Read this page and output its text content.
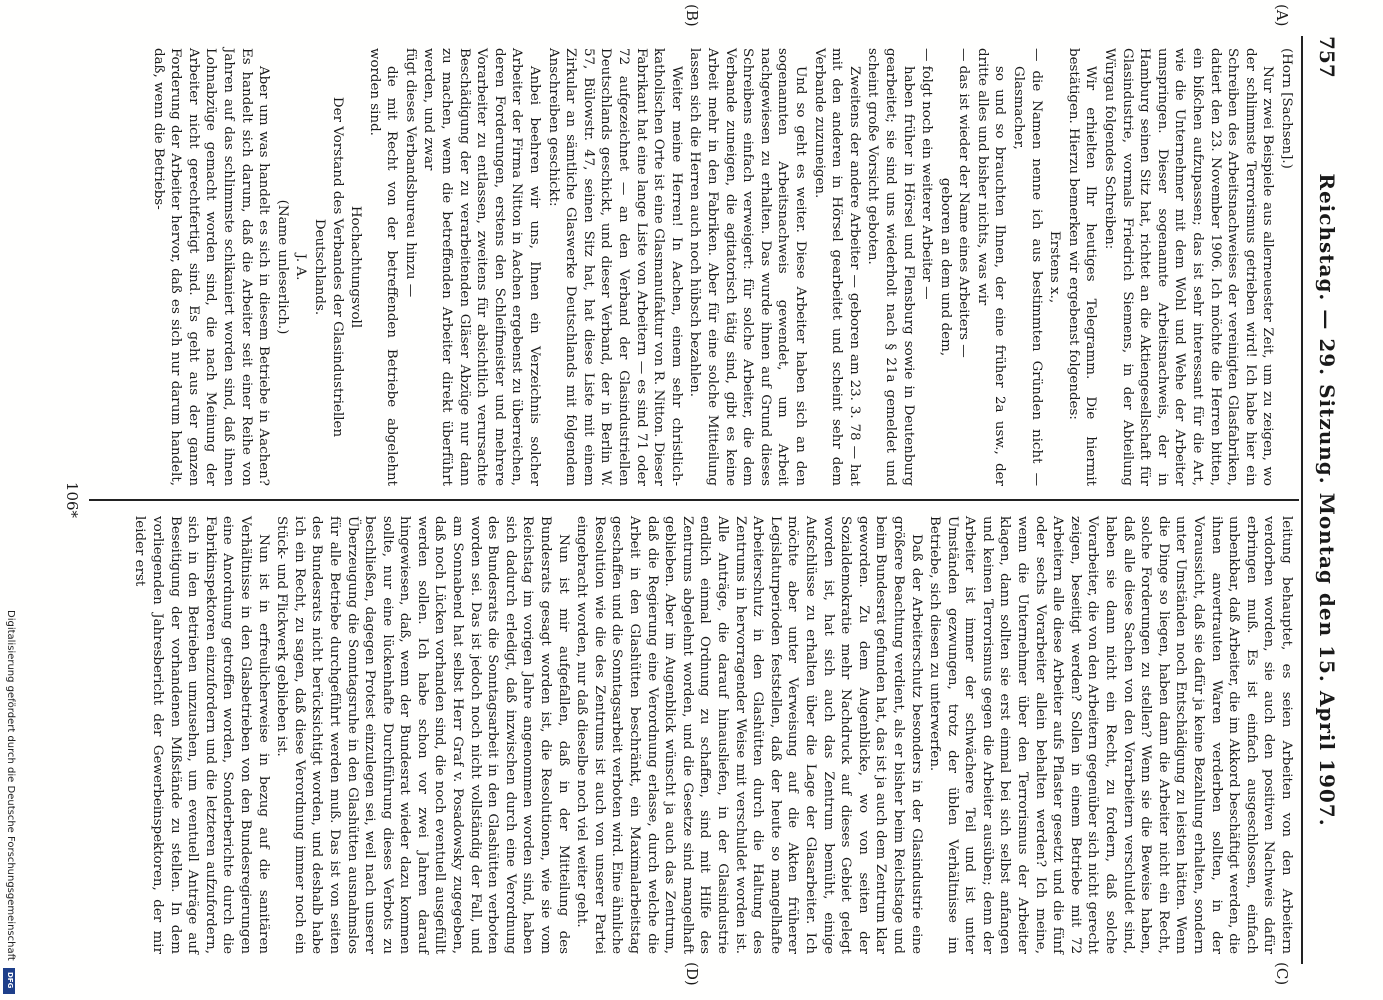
757
Reichstag. — 29. Sitzung. Montag den 15. April 1907.
(A)
(B)
(C)
(D)

(Horn [Sachsen].)

Nur zwei Beispiele aus allerneuester Zeit, um zu zeigen, wo der schlimmste Terrorismus getrieben wird! Ich habe hier ein Schreiben des Arbeitsnachweises der vereinigten Glasfabriken, datiert den 23. November 1906. Ich möchte die Herren bitten, ein bißchen aufzupassen; das ist sehr interessant für die Art, wie die Unternehmer mit dem Wohl und Wehe der Arbeiter umspringen. Dieser sogenannte Arbeitsnachweis, der in Hamburg seinen Sitz hat, richtet an die Aktiengesellschaft für Glasindustrie, vormals Friedrich Siemens, in der Abteilung Würgau folgendes Schreiben:

Wir erhielten Ihr heutiges Telegramm. Die hiermit bestätigen. Hierzu bemerken wir ergebenst folgendes:

Erstens x.,

— die Namen nenne ich aus bestimmten Gründen nicht — Glasmacher,

so und so brauchten Ihnen, der eine früher 2a usw., der dritte alles und bisher nichts, was wir

— das ist wieder der Name eines Arbeiters —

geboren an dem und dem,

— folgt noch ein weiterer Arbeiter —

haben früher in Hörsel und Flensburg sowie in Deutenburg gearbeitet; sie sind uns wiederholt nach § 21a gemeldet und scheint große Vorsicht geboten.

Zweitens der andere Arbeiter — geboren am 23. 3. 78 — hat mit den anderen in Hörsel gearbeitet und scheint sehr dem Verbande zuzuneigen.

Und so geht es weiter. Diese Arbeiter haben sich an den sogenannten Arbeitsnachweis gewendet, um Arbeit nachgewiesen zu erhalten. Das wurde ihnen auf Grund dieses Schreibens einfach verweigert: für solche Arbeiter, die dem Verbande zuneigen, die agitatorisch tätig sind, gibt es keine Arbeit mehr in den Fabriken. Aber für eine solche Mitteilung lassen sich die Herren auch noch hübsch bezahlen.

Weiter meine Herren! In Aachen, einem sehr christlich-katholischen Orte ist eine Glasmanufaktur von R. Nitton. Dieser Fabrikant hat eine lange Liste von Arbeitern — es sind 71 oder 72 aufgezeichnet — an den Verband der Glasindustriellen Deutschlands geschickt, und dieser Verband, der in Berlin W. 57, Bülowstr. 47, seinen Sitz hat, hat diese Liste mit einem Zirkular an sämtliche Glaswerke Deutschlands mit folgendem Anschreiben geschickt:

Anbei beehren wir uns, Ihnen ein Verzeichnis solcher Arbeiter der Firma Nitton in Aachen ergebenst zu überreichen, deren Forderungen, erstens den Schleifmeister und mehrere Vorarbeiter zu entlassen, zweitens für absichtlich verursachte Beschädigung der zu verarbeitenden Gläser Abzüge nur dann zu machen, wenn die betreffenden Arbeiter direkt überführt werden, und zwar

fügt dieses Verbandsbureau hinzu —

die mit Recht von der betreffenden Betriebe abgelehnt worden sind.

Hochachtungsvoll

Der Vorstand des Verbandes der Glasindustriellen Deutschlands.

J. A.

(Name unleserlich.)

Aber um was handelt es sich in diesem Betriebe in Aachen? Es handelt sich darum, daß die Arbeiter seit einer Reihe von Jahren auf das schlimmste schikaniert worden sind, daß ihnen Lohnabzüge gemacht worden sind, die nach Meinung der Arbeiter nicht gerechtfertigt sind. Es geht aus der ganzen Forderung der Arbeiter hervor, daß es sich nur darum handelt, daß, wenn die Betriebs-

leitung behauptet, es seien Arbeiten von den Arbeitern verdorben worden, sie auch den positiven Nachweis dafür erbringen muß. Es ist einfach ausgeschlossen, einfach unbenkbar, daß Arbeiter, die im Akkord beschäftigt werden, die ihnen anvertrauten Waren verderben sollten, in der Voraussicht, daß sie dafür ja keine Bezahlung erhalten, sondern unter Umständen noch Entschädigung zu leisten hätten. Wenn die Dinge so liegen, haben dann die Arbeiter nicht ein Recht, solche Forderungen zu stellen? Wenn sie die Beweise haben, daß alle diese Sachen von den Vorarbeitern verschuldet sind, haben sie dann nicht ein Recht, zu fordern, daß solche Vorarbeiter, die von den Arbeitern gegenüber sich nicht gerecht zeigen, beseitigt werden? Sollen in einem Betriebe mit 72 Arbeitern alle diese Arbeiter aufs Pflaster gesetzt und die fünf oder sechs Vorarbeiter allein behalten werden? Ich meine, wenn die Unternehmer über den Terrorismus der Arbeiter klagen, dann sollten sie erst einmal bei sich selbst anfangen und keinen Terrorismus gegen die Arbeiter ausüben; denn der Arbeiter ist immer der schwächere Teil und ist unter Umständen gezwungen, trotz der üblen Verhältnisse im Betriebe, sich diesen zu unterwerfen.

Daß der Arbeiterschutz besonders in der Glasindustrie eine größere Beachtung verdient, als er bisher beim Reichstage und beim Bundesrat gefunden hat, das ist ja auch dem Zentrum klar geworden. Zu dem Augenblicke, wo von seiten der Sozialdemokratie mehr Nachdruck auf dieses Gebiet gelegt worden ist, hat sich auch das Zentrum bemüht, einige Aufschlüsse zu erhalten über die Lage der Glasarbeiter. Ich möchte aber unter Verweisung auf die Akten früherer Legislaturperioden feststellen, daß der heute so mangelhafte Arbeiterschutz in den Glashütten durch die Haltung des Zentrums in hervorragender Weise mit verschuldet worden ist. Alle Anträge, die darauf hinausliefen, in der Glasindustrie endlich einmal Ordnung zu schaffen, sind mit Hilfe des Zentrums abgelehnt worden, und die Gesetze sind mangelhaft geblieben. Aber im Augenblick wünscht ja auch das Zentrum, daß die Regierung eine Verordnung erlasse, durch welche die Arbeit in den Glashütten beschränkt, ein Maximalarbeitstag geschaffen und die Sonntagsarbeit verboten wird. Eine ähnliche Resolution wie die des Zentrums ist auch von unserer Partei eingebracht worden, nur daß dieselbe noch viel weiter geht.

Nun ist mir aufgefallen, daß in der Mitteilung des Bundesrats gesagt worden ist, die Resolutionen, wie sie vom Reichstag im vorigen Jahre angenommen worden sind, haben sich dadurch erledigt, daß inzwischen durch eine Verordnung des Bundesrats die Sonntagsarbeit in den Glashütten verboten worden sei. Das ist jedoch noch nicht vollständig der Fall, und am Sonnabend hat selbst Herr Graf v. Posadowsky zugegeben, daß noch Lücken vorhanden sind, die noch eventuell ausgefüllt werden sollen. Ich habe schon vor zwei Jahren darauf hingewiesen, daß, wenn der Bundesrat wieder dazu kommen sollte, nur eine lückenhafte Durchführung dieses Verbots zu beschließen, dagegen Protest einzulegen sei, weil nach unserer Überzeugung die Sonntagsruhe in den Glashütten ausnahmslos für alle Betriebe durchgeführt werden muß. Das ist von seiten des Bundesrats nicht berücksichtigt worden, und deshalb habe ich ein Recht, zu sagen, daß diese Verordnung immer noch ein Stück- und Flickwerk geblieben ist.

Nun ist in erfreulicherweise in bezug auf die sanitären Verhältnisse in den Glasbetrieben von den Bundesregierungen eine Anordnung getroffen worden, Sonderberichte durch die Fabrikinspektoren einzufordern und die letzteren aufzufordern, sich in den Betrieben umzusehen, um eventuell Anträge auf Beseitigung der vorhandenen Mißstände zu stellen. In dem vorliegenden Jahresbericht der Gewerbeinspektoren, der mir leider erst

106*
Digitalisierung gefördert durch die Deutsche Forschungsgemeinschaft
DFG
